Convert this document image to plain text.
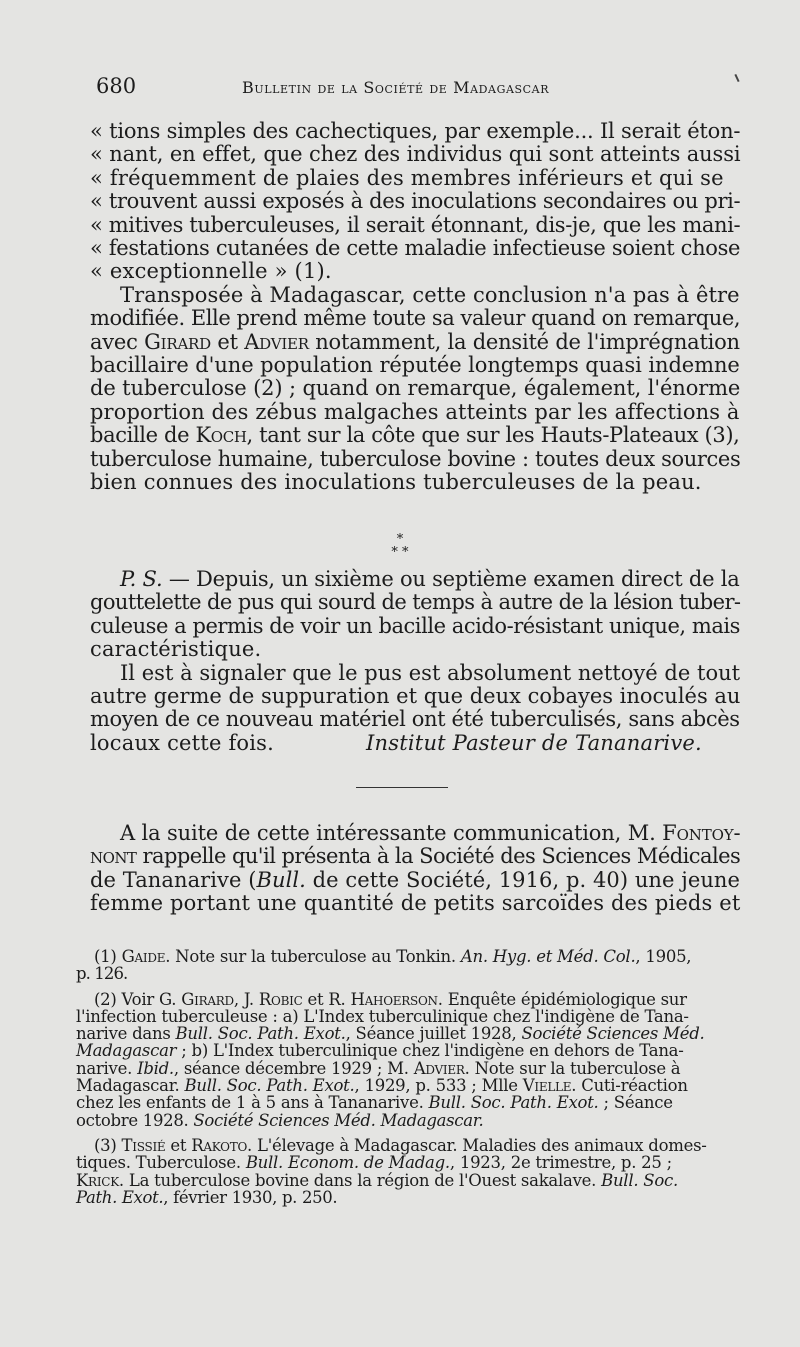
680	Bulletin de la Société de Madagascar
« tions simples des cachectiques, par exemple... Il serait éton-
« nant, en effet, que chez des individus qui sont atteints aussi
« fréquemment de plaies des membres inférieurs et qui se
« trouvent aussi exposés à des inoculations secondaires ou pri-
« mitives tuberculeuses, il serait étonnant, dis-je, que les mani-
« festations cutanées de cette maladie infectieuse soient chose
« exceptionnelle » (1).
Transposée à Madagascar, cette conclusion n'a pas à être
modifiée. Elle prend même toute sa valeur quand on remarque,
avec Girard et Advier notamment, la densité de l'imprégnation
bacillaire d'une population réputée longtemps quasi indemne
de tuberculose (2) ; quand on remarque, également, l'énorme
proportion des zébus malgaches atteints par les affections à
bacille de Koch, tant sur la côte que sur les Hauts-Plateaux (3),
tuberculose humaine, tuberculose bovine : toutes deux sources
bien connues des inoculations tuberculeuses de la peau.
*
* *
P. S. — Depuis, un sixième ou septième examen direct de la
gouttelette de pus qui sourd de temps à autre de la lésion tuber-
culeuse a permis de voir un bacille acido-résistant unique, mais
caractéristique.
Il est à signaler que le pus est absolument nettoyé de tout
autre germe de suppuration et que deux cobayes inoculés au
moyen de ce nouveau matériel ont été tuberculisés, sans abcès
locaux cette fois.	Institut Pasteur de Tananarive.
A la suite de cette intéressante communication, M. Fontoy-
nont rappelle qu'il présenta à la Société des Sciences Médicales
de Tananarive (Bull. de cette Société, 1916, p. 40) une jeune
femme portant une quantité de petits sarcoïdes des pieds et
(1) Gaide. Note sur la tuberculose au Tonkin. An. Hyg. et Méd. Col., 1905,
p. 126.
(2) Voir G. Girard, J. Robic et R. Hahoerson. Enquête épidémiologique sur
l'infection tuberculeuse : a) L'Index tuberculinique chez l'indigène de Tana-
narive dans Bull. Soc. Path. Exot., Séance juillet 1928, Société Sciences Méd.
Madagascar ; b) L'Index tuberculinique chez l'indigène en dehors de Tana-
narive. Ibid., séance décembre 1929 ; M. Advier. Note sur la tuberculose à
Madagascar. Bull. Soc. Path. Exot., 1929, p. 533 ; Mlle Vielle. Cuti-réaction
chez les enfants de 1 à 5 ans à Tananarive. Bull. Soc. Path. Exot. ; Séance
octobre 1928. Société Sciences Méd. Madagascar.
(3) Tissié et Rakoto. L'élevage à Madagascar. Maladies des animaux domes-
tiques. Tuberculose. Bull. Econom. de Madag., 1923, 2e trimestre, p. 25 ;
Krick. La tuberculose bovine dans la région de l'Ouest sakalave. Bull. Soc.
Path. Exot., février 1930, p. 250.
